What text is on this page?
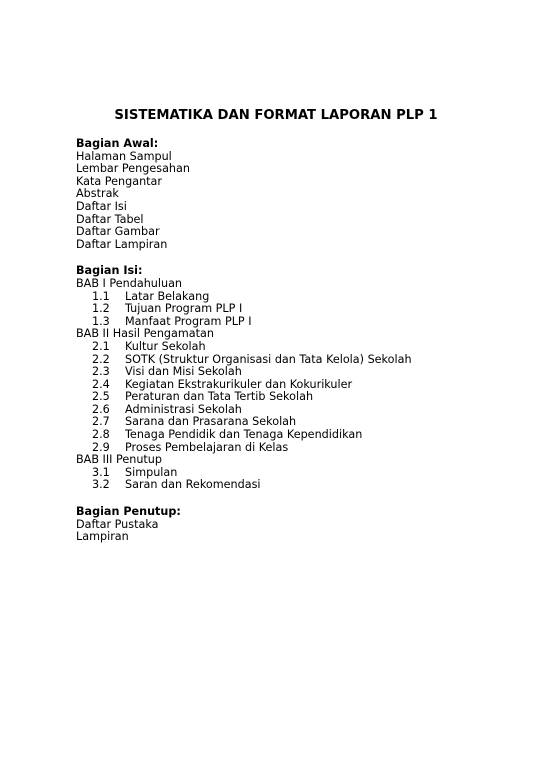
SISTEMATIKA DAN FORMAT LAPORAN PLP 1
Bagian Awal:
Halaman Sampul
Lembar Pengesahan
Kata Pengantar
Abstrak
Daftar Isi
Daftar Tabel
Daftar Gambar
Daftar Lampiran
Bagian Isi:
BAB I Pendahuluan
1.1	Latar Belakang
1.2	Tujuan Program PLP I
1.3	Manfaat Program PLP I
BAB II Hasil Pengamatan
2.1	Kultur Sekolah
2.2	SOTK (Struktur Organisasi dan Tata Kelola) Sekolah
2.3	Visi dan Misi Sekolah
2.4	Kegiatan Ekstrakurikuler dan Kokurikuler
2.5	Peraturan dan Tata Tertib Sekolah
2.6	Administrasi Sekolah
2.7	Sarana dan Prasarana Sekolah
2.8	Tenaga Pendidik dan Tenaga Kependidikan
2.9	Proses Pembelajaran di Kelas
BAB III Penutup
3.1	Simpulan
3.2	Saran dan Rekomendasi
Bagian Penutup:
Daftar Pustaka
Lampiran
